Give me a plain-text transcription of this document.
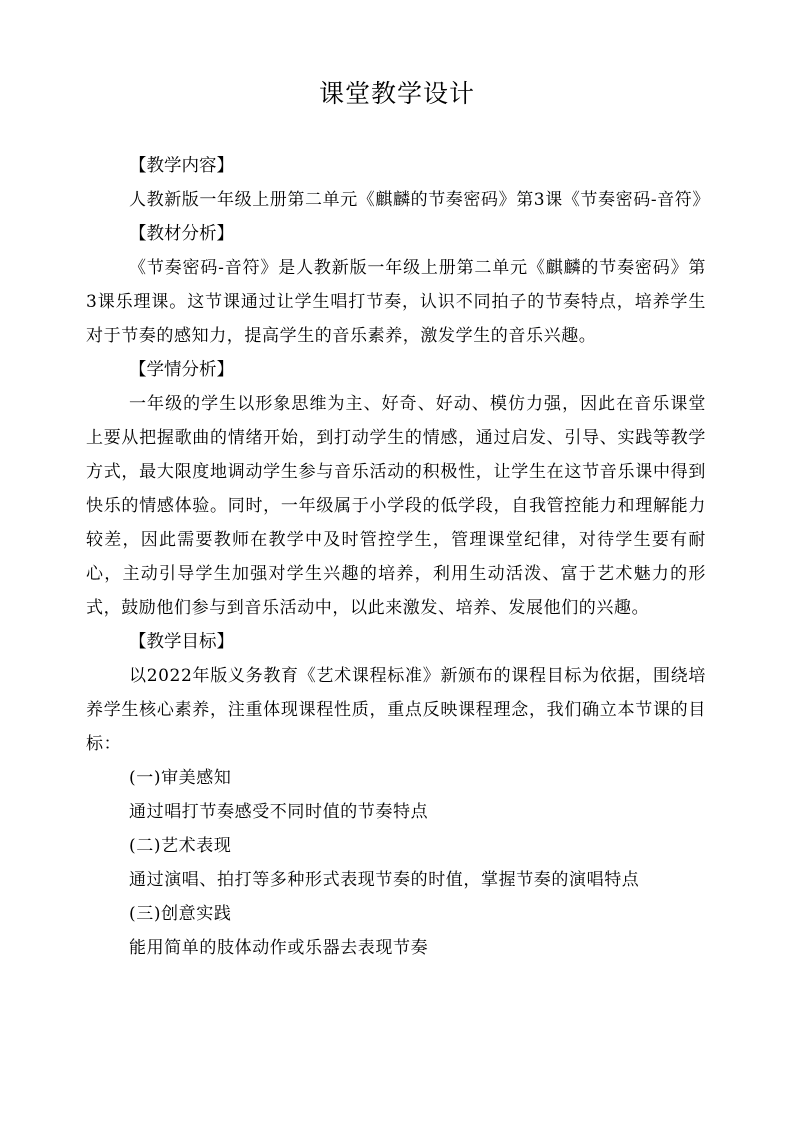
课堂教学设计
【教学内容】
人教新版一年级上册第二单元《麒麟的节奏密码》第3课《节奏密码-音符》
【教材分析】
《节奏密码-音符》是人教新版一年级上册第二单元《麒麟的节奏密码》第3课乐理课。这节课通过让学生唱打节奏，认识不同拍子的节奏特点，培养学生对于节奏的感知力，提高学生的音乐素养，激发学生的音乐兴趣。
【学情分析】
一年级的学生以形象思维为主、好奇、好动、模仿力强，因此在音乐课堂上要从把握歌曲的情绪开始，到打动学生的情感，通过启发、引导、实践等教学方式，最大限度地调动学生参与音乐活动的积极性，让学生在这节音乐课中得到快乐的情感体验。同时，一年级属于小学段的低学段，自我管控能力和理解能力较差，因此需要教师在教学中及时管控学生，管理课堂纪律，对待学生要有耐心，主动引导学生加强对学生兴趣的培养，利用生动活泼、富于艺术魅力的形式，鼓励他们参与到音乐活动中，以此来激发、培养、发展他们的兴趣。
【教学目标】
以2022年版义务教育《艺术课程标准》新颁布的课程目标为依据，围绕培养学生核心素养，注重体现课程性质，重点反映课程理念，我们确立本节课的目标：
(一)审美感知
通过唱打节奏感受不同时值的节奏特点
(二)艺术表现
通过演唱、拍打等多种形式表现节奏的时值，掌握节奏的演唱特点
(三)创意实践
能用简单的肢体动作或乐器去表现节奏
